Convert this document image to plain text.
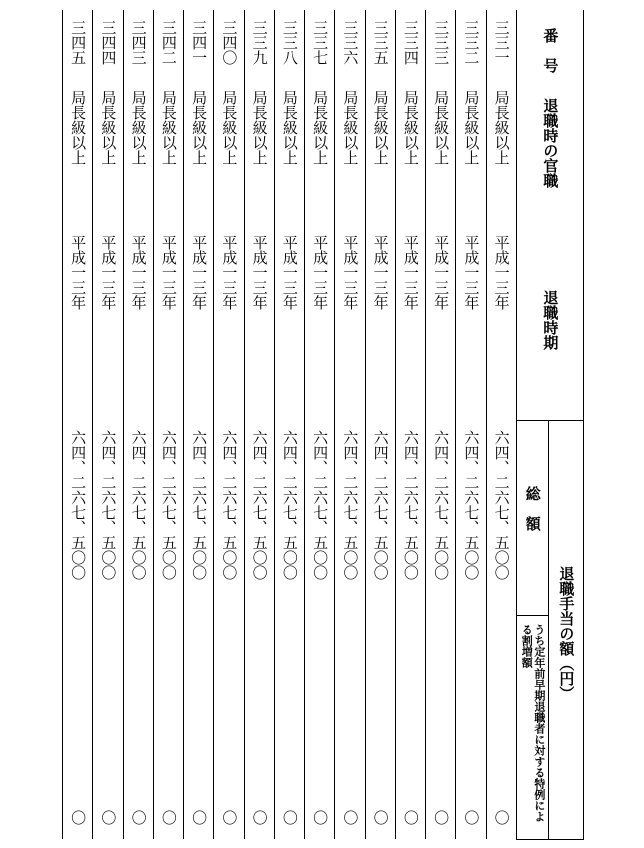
三四五	三四四	三四三	三四二	三四一	三四〇	三三九	三三八	三三七	三三六	三三五	三三四	三三三	三三二	三三一	番　号	

局長級以上	局長級以上	局長級以上	局長級以上	局長級以上	局長級以上	局長級以上	局長級以上	局長級以上	局長級以上	局長級以上	局長級以上	局長級以上	局長級以上	局長級以上	退職時の官職	

平成一三年	平成一三年	平成一三年	平成一三年	平成一三年	平成一三年	平成一三年	平成一三年	平成一三年	平成一三年	平成一三年	平成一三年	平成一三年	平成一三年	平成一三年	退職時期	

六四、二六七、五〇〇	六四、二六七、五〇〇	六四、二六七、五〇〇	六四、二六七、五〇〇	六四、二六七、五〇〇	六四、二六七、五〇〇	六四、二六七、五〇〇	六四、二六七、五〇〇	六四、二六七、五〇〇	六四、二六七、五〇〇	六四、二六七、五〇〇	六四、二六七、五〇〇	六四、二六七、五〇〇	六四、二六七、五〇〇	六四、二六七、五〇〇	総　額	退職手当の額（円）

〇	〇	〇	〇	〇	〇	〇	〇	〇	〇	〇	〇	〇	〇	〇	うち定年前早期退職者に対する特例による割増額	
